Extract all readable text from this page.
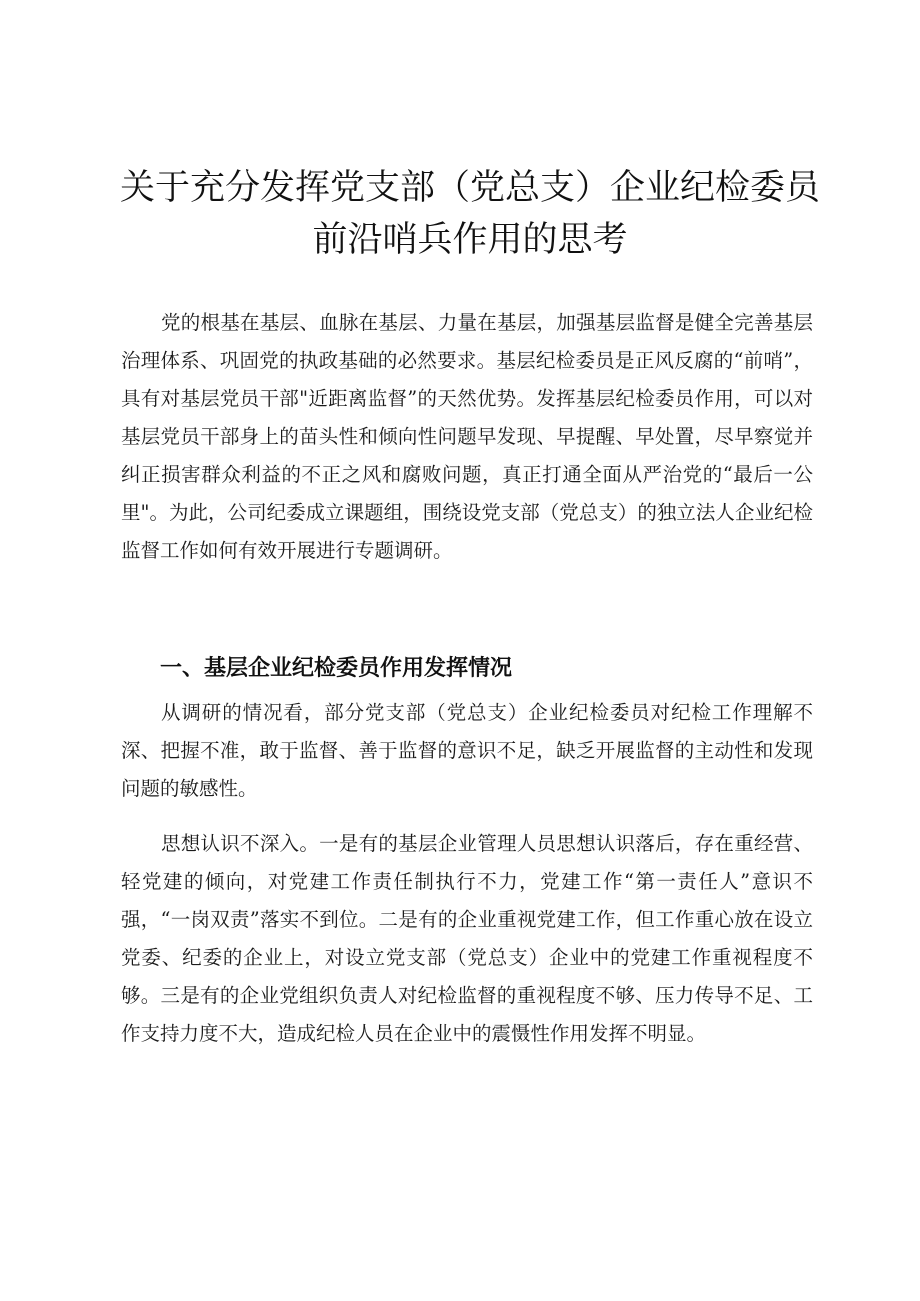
关于充分发挥党支部（党总支）企业纪检委员
前沿哨兵作用的思考

党的根基在基层、血脉在基层、力量在基层，加强基层监督是健全完善基层治理体系、巩固党的执政基础的必然要求。基层纪检委员是正风反腐的“前哨”，具有对基层党员干部"近距离监督”的天然优势。发挥基层纪检委员作用，可以对基层党员干部身上的苗头性和倾向性问题早发现、早提醒、早处置，尽早察觉并纠正损害群众利益的不正之风和腐败问题，真正打通全面从严治党的“最后一公里"。为此，公司纪委成立课题组，围绕设党支部（党总支）的独立法人企业纪检监督工作如何有效开展进行专题调研。

一、基层企业纪检委员作用发挥情况

从调研的情况看，部分党支部（党总支）企业纪检委员对纪检工作理解不深、把握不准，敢于监督、善于监督的意识不足，缺乏开展监督的主动性和发现问题的敏感性。

思想认识不深入。一是有的基层企业管理人员思想认识落后，存在重经营、轻党建的倾向，对党建工作责任制执行不力，党建工作“第一责任人”意识不强，“一岗双责”落实不到位。二是有的企业重视党建工作，但工作重心放在设立党委、纪委的企业上，对设立党支部（党总支）企业中的党建工作重视程度不够。三是有的企业党组织负责人对纪检监督的重视程度不够、压力传导不足、工作支持力度不大，造成纪检人员在企业中的震慑性作用发挥不明显。
